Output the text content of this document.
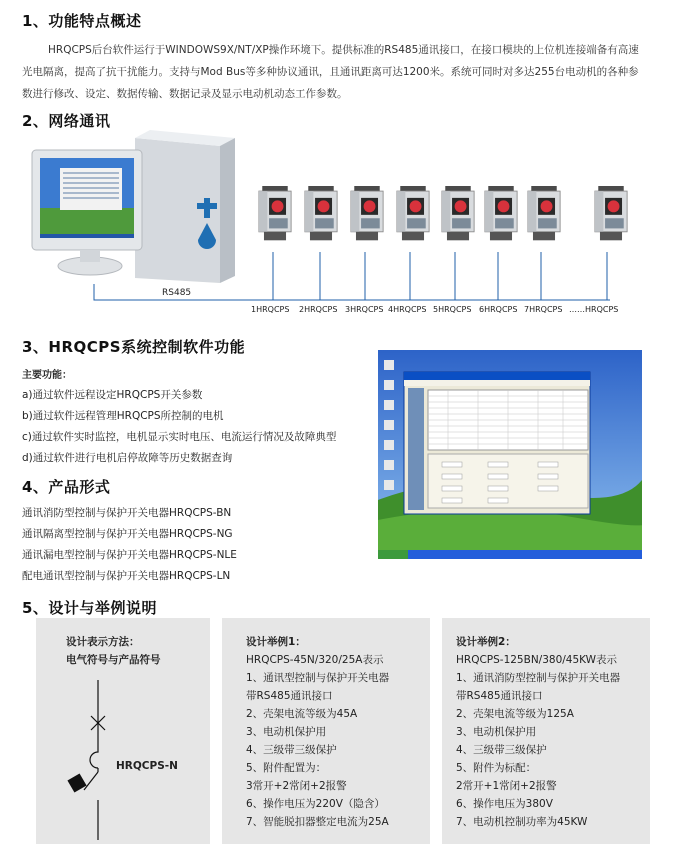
1、功能特点概述
HRQCPS后台软件运行于WINDOWS9X/NT/XP操作环境下。提供标准的RS485通讯接口，在接口模块的上位机连接端备有高速
光电隔离，提高了抗干扰能力。支持与Mod Bus等多种协议通讯，且通讯距离可达1200米。系统可同时对多达255台电动机的各种参
数进行修改、设定、数据传输、数据记录及显示电动机动态工作参数。
2、网络通讯
RS485
1HRQCPS 2HRQCPS 3HRQCPS 4HRQCPS 5HRQCPS 6HRQCPS 7HRQCPS ……HRQCPS
3、HRQCPS系统控制软件功能
主要功能：
a)通过软件远程设定HRQCPS开关参数
b)通过软件远程管理HRQCPS所控制的电机
c)通过软件实时监控，电机显示实时电压、电流运行情况及故障典型
d)通过软件进行电机启停故障等历史数据查询
4、产品形式
通讯消防型控制与保护开关电器HRQCPS-BN
通讯隔离型控制与保护开关电器HRQCPS-NG
通讯漏电型控制与保护开关电器HRQCPS-NLE
配电通讯型控制与保护开关电器HRQCPS-LN
5、设计与举例说明
设计表示方法：
电气符号与产品符号
HRQCPS-N
设计举例1：
HRQCPS-45N/320/25A表示
1、通讯型控制与保护开关电器
带RS485通讯接口
2、壳架电流等级为45A
3、电动机保护用
4、三级带三级保护
5、附件配置为：
3常开+2常闭+2报警
6、操作电压为220V（隐含）
7、智能脱扣器整定电流为25A
设计举例2：
HRQCPS-125BN/380/45KW表示
1、通讯消防型控制与保护开关电器
带RS485通讯接口
2、壳架电流等级为125A
3、电动机保护用
4、三级带三级保护
5、附件为标配：
2常开+1常闭+2报警
6、操作电压为380V
7、电动机控制功率为45KW
